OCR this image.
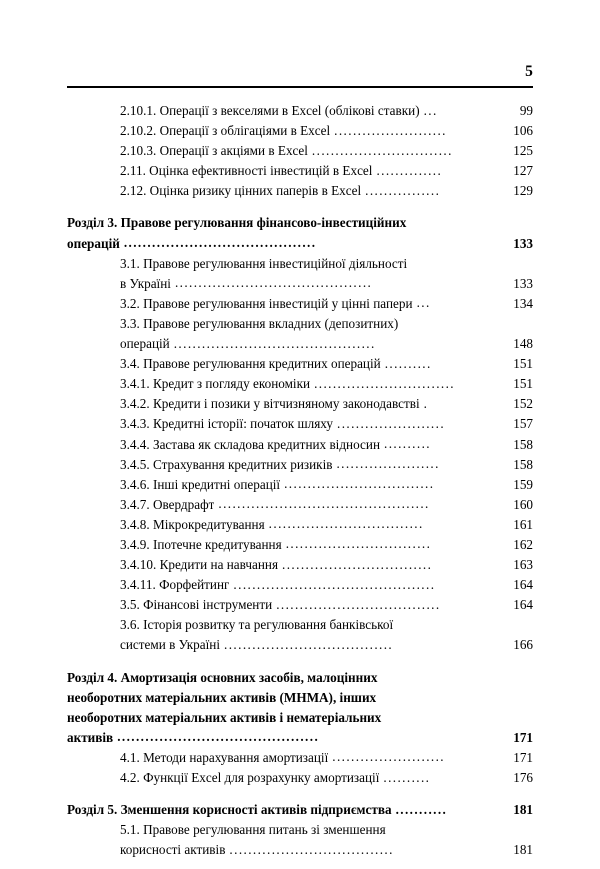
5
2.10.1. Операції з векселями в Excel (облікові ставки) ...	99
2.10.2. Операції з облігаціями в Excel ........................	106
2.10.3. Операції з акціями в Excel ..............................	125
2.11. Оцінка ефективності інвестицій в Excel ..............	127
2.12. Оцінка ризику цінних паперів в Excel ................	129
Розділ 3. Правове регулювання фінансово-інвестиційних
операцій .........................................	133
3.1. Правове регулювання інвестиційної діяльності
в Україні ..........................................	133
3.2. Правове регулювання інвестицій у цінні папери ...	134
3.3. Правове регулювання вкладних (депозитних)
операцій ...........................................	148
3.4. Правове регулювання кредитних операцій ..........	151
3.4.1. Кредит з погляду економіки ..............................	151
3.4.2. Кредити і позики у вітчизняному законодавстві .	152
3.4.3. Кредитні історії: початок шляху .......................	157
3.4.4. Застава як складова кредитних відносин ..........	158
3.4.5. Страхування кредитних ризиків ......................	158
3.4.6. Інші кредитні операції ................................	159
3.4.7. Овердрафт .............................................	160
3.4.8. Мікрокредитування .................................	161
3.4.9. Іпотечне кредитування ...............................	162
3.4.10. Кредити на навчання ................................	163
3.4.11. Форфейтинг ...........................................	164
3.5. Фінансові інструменти ...................................	164
3.6. Історія розвитку та регулювання банківської
системи в Україні ....................................	166
Розділ 4. Амортизація основних засобів, малоцінних
необоротних матеріальних активів (МНМА), інших
необоротних матеріальних активів і нематеріальних
активів ...........................................	171
4.1. Методи нарахування амортизації ........................	171
4.2. Функції Excel для розрахунку амортизації ..........	176
Розділ 5. Зменшення корисності активів підприємства ...........	181
5.1. Правове регулювання питань зі зменшення
корисності активів ...................................	181
